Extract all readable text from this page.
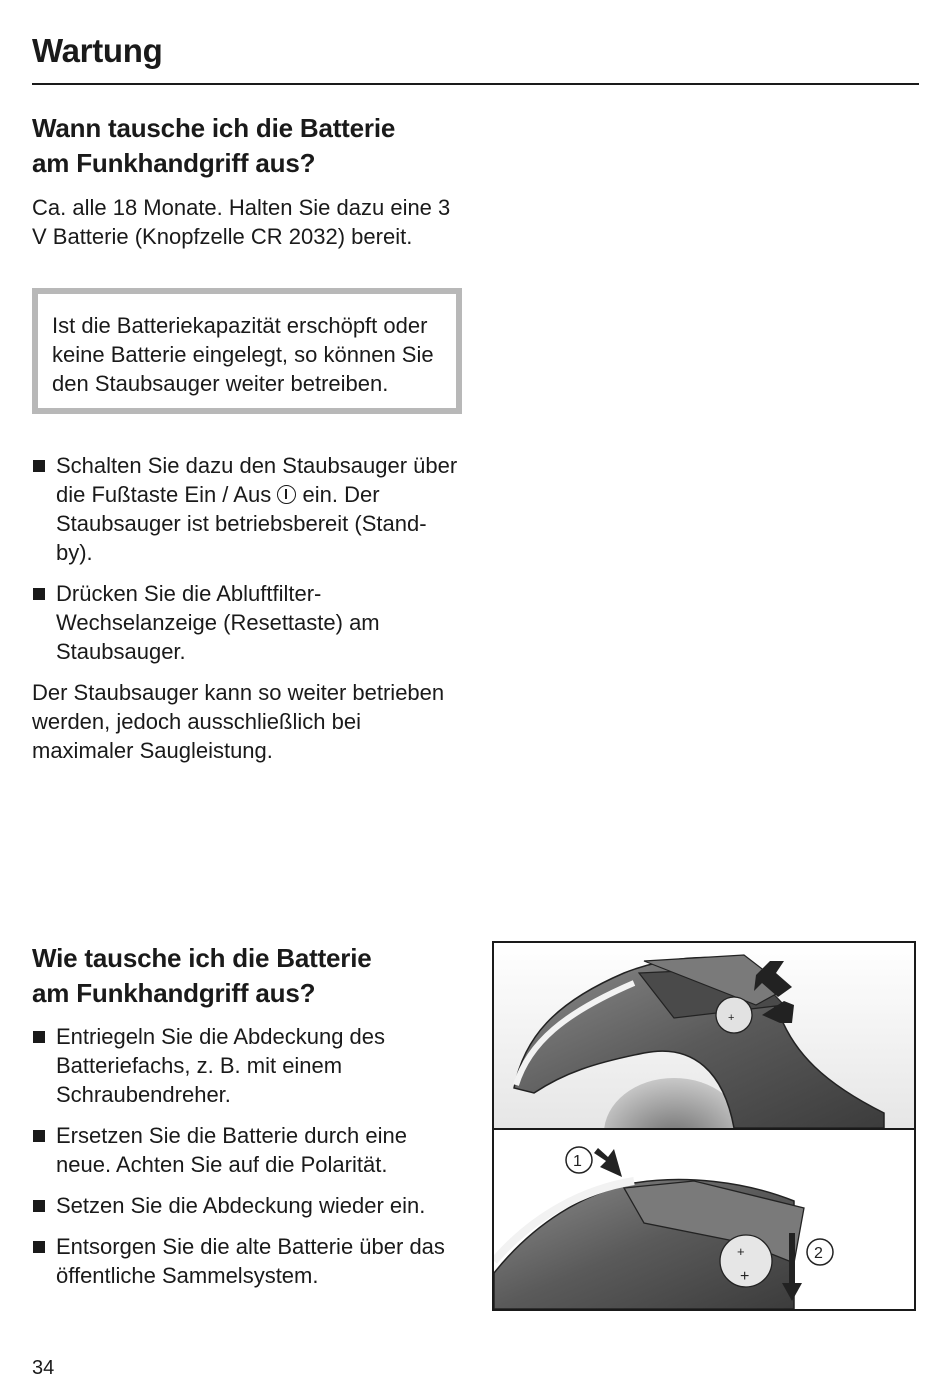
Wartung
Wann tausche ich die Batterie
am Funkhandgriff aus?

Ca. alle 18 Monate. Halten Sie dazu eine 3 V Batterie (Knopfzelle CR 2032) bereit.

Ist die Batteriekapazität erschöpft oder keine Batterie eingelegt, so können Sie den Staubsauger weiter betreiben.

Schalten Sie dazu den Staubsauger über die Fußtaste Ein / Aus ein. Der Staubsauger ist betriebsbereit (Stand-by).
Drücken Sie die Abluftfilter-Wechselanzeige (Resettaste) am Staubsauger.

Der Staubsauger kann so weiter betrieben werden, jedoch ausschließlich bei maximaler Saugleistung.

Wie tausche ich die Batterie
am Funkhandgriff aus?
Entriegeln Sie die Abdeckung des Batteriefachs, z. B. mit einem Schraubendreher.
Ersetzen Sie die Batterie durch eine neue. Achten Sie auf die Polarität.
Setzen Sie die Abdeckung wieder ein.
Entsorgen Sie die alte Batterie über das öffentliche Sammelsystem.
+
+
+
1
2
34
